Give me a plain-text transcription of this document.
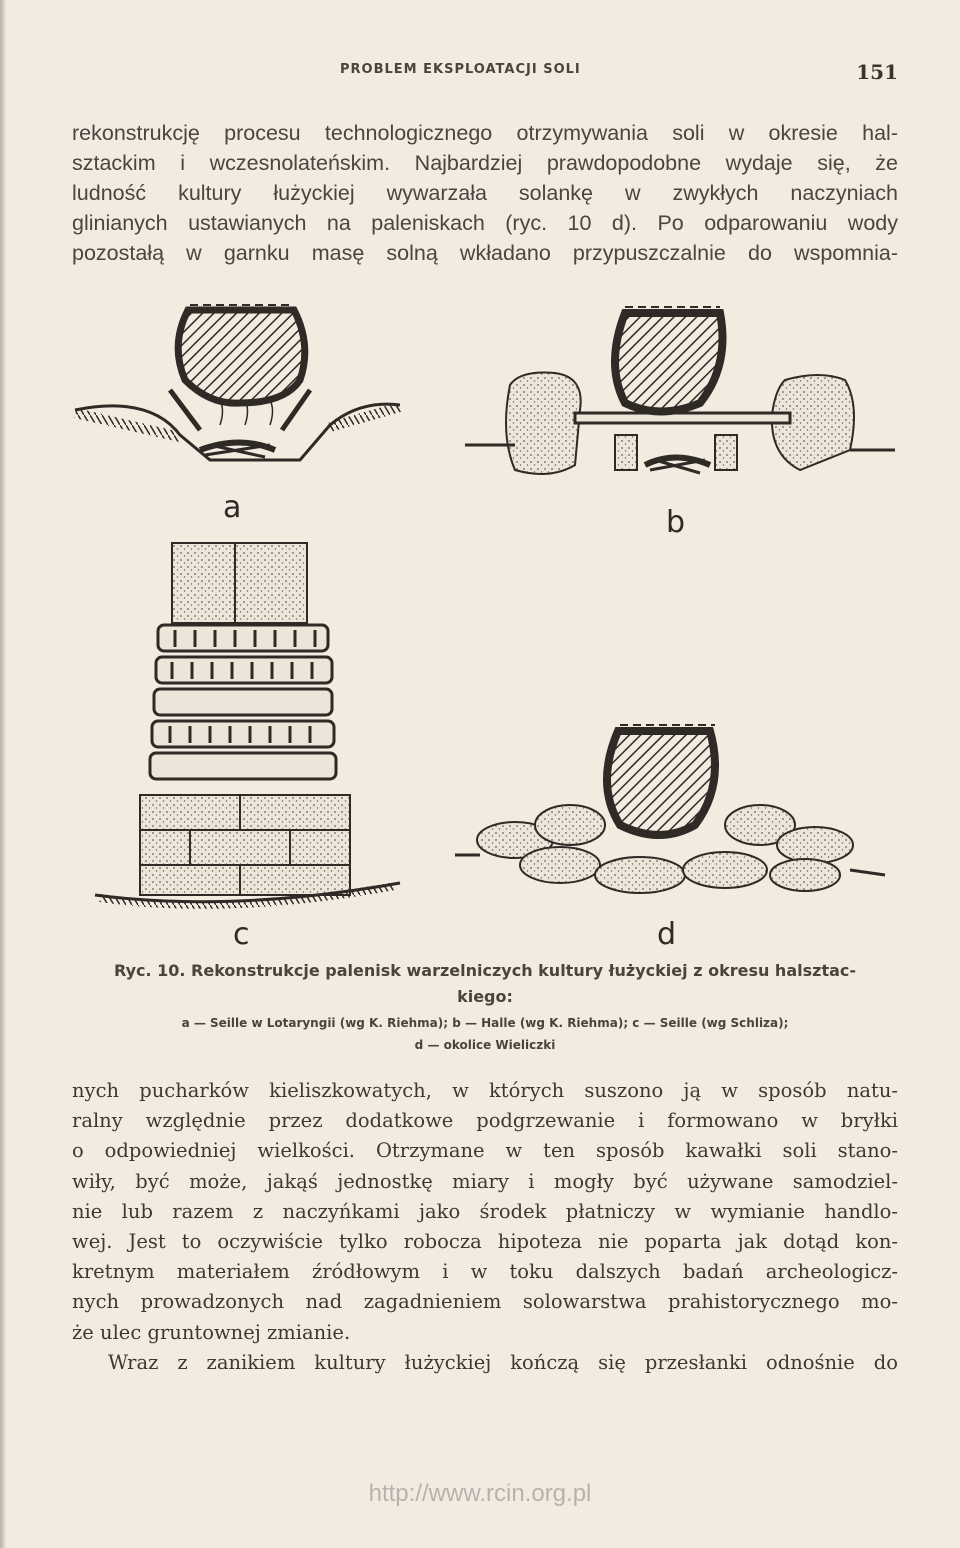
PROBLEM EKSPLOATACJI SOLI	151
rekonstrukcję procesu technologicznego otrzymywania soli w okresie hal-
sztackim i wczesnolateńskim. Najbardziej prawdopodobne wydaje się, że
ludność kultury łużyckiej wywarzała solankę w zwykłych naczyniach
glinianych ustawianych na paleniskach (ryc. 10 d). Po odparowaniu wody
pozostałą w garnku masę solną wkładano przypuszczalnie do wspomnia-
a	b
c	d
Ryc. 10. Rekonstrukcje palenisk warzelniczych kultury łużyckiej z okresu halsztac-
kiego:
a — Seille w Lotaryngii (wg K. Riehma); b — Halle (wg K. Riehma); c — Seille (wg Schliza);
d — okolice Wieliczki
nych pucharków kieliszkowatych, w których suszono ją w sposób natu-
ralny względnie przez dodatkowe podgrzewanie i formowano w bryłki
o odpowiedniej wielkości. Otrzymane w ten sposób kawałki soli stano-
wiły, być może, jakąś jednostkę miary i mogły być używane samodziel-
nie lub razem z naczyńkami jako środek płatniczy w wymianie handlo-
wej. Jest to oczywiście tylko robocza hipoteza nie poparta jak dotąd kon-
kretnym materiałem źródłowym i w toku dalszych badań archeologicz-
nych prowadzonych nad zagadnieniem solowarstwa prahistorycznego mo-
że ulec gruntownej zmianie.
Wraz z zanikiem kultury łużyckiej kończą się przesłanki odnośnie do
http://www.rcin.org.pl
